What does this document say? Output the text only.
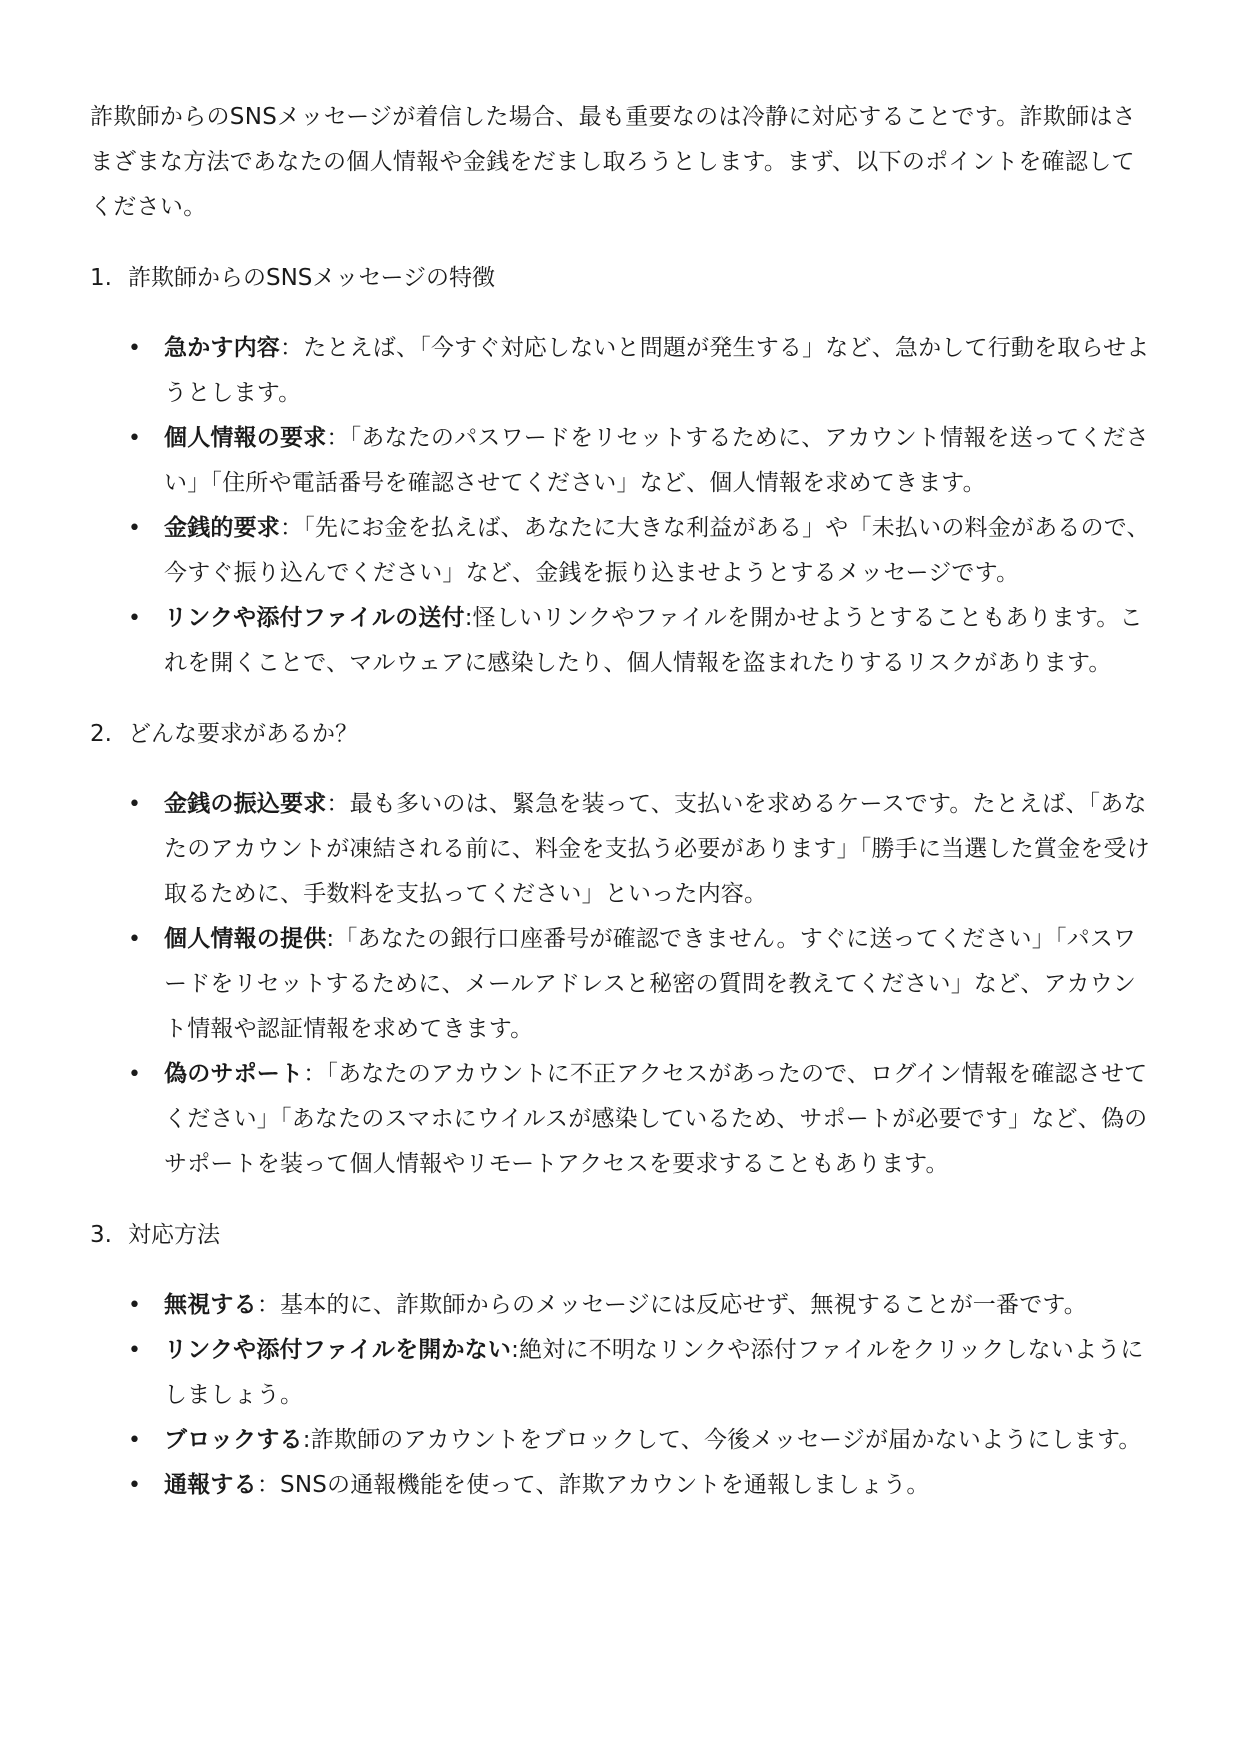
詐欺師からのSNSメッセージが着信した場合、最も重要なのは冷静に対応することです。詐欺師はさまざまな方法であなたの個人情報や金銭をだまし取ろうとします。まず、以下のポイントを確認してください。

1. 詐欺師からのSNSメッセージの特徴
• 急かす内容：たとえば、「今すぐ対応しないと問題が発生する」など、急かして行動を取らせようとします。
• 個人情報の要求：「あなたのパスワードをリセットするために、アカウント情報を送ってください」「住所や電話番号を確認させてください」など、個人情報を求めてきます。
• 金銭的要求：「先にお金を払えば、あなたに大きな利益がある」や「未払いの料金があるので、今すぐ振り込んでください」など、金銭を振り込ませようとするメッセージです。
• リンクや添付ファイルの送付:怪しいリンクやファイルを開かせようとすることもあります。これを開くことで、マルウェアに感染したり、個人情報を盗まれたりするリスクがあります。
2. どんな要求があるか？
• 金銭の振込要求：最も多いのは、緊急を装って、支払いを求めるケースです。たとえば、「あなたのアカウントが凍結される前に、料金を支払う必要があります」「勝手に当選した賞金を受け取るために、手数料を支払ってください」といった内容。
• 個人情報の提供:「あなたの銀行口座番号が確認できません。すぐに送ってください」「パスワードをリセットするために、メールアドレスと秘密の質問を教えてください」など、アカウント情報や認証情報を求めてきます。
• 偽のサポート：「あなたのアカウントに不正アクセスがあったので、ログイン情報を確認させてください」「あなたのスマホにウイルスが感染しているため、サポートが必要です」など、偽のサポートを装って個人情報やリモートアクセスを要求することもあります。
3. 対応方法
• 無視する：基本的に、詐欺師からのメッセージには反応せず、無視することが一番です。
• リンクや添付ファイルを開かない:絶対に不明なリンクや添付ファイルをクリックしないようにしましょう。
• ブロックする:詐欺師のアカウントをブロックして、今後メッセージが届かないようにします。
• 通報する：SNSの通報機能を使って、詐欺アカウントを通報しましょう。
